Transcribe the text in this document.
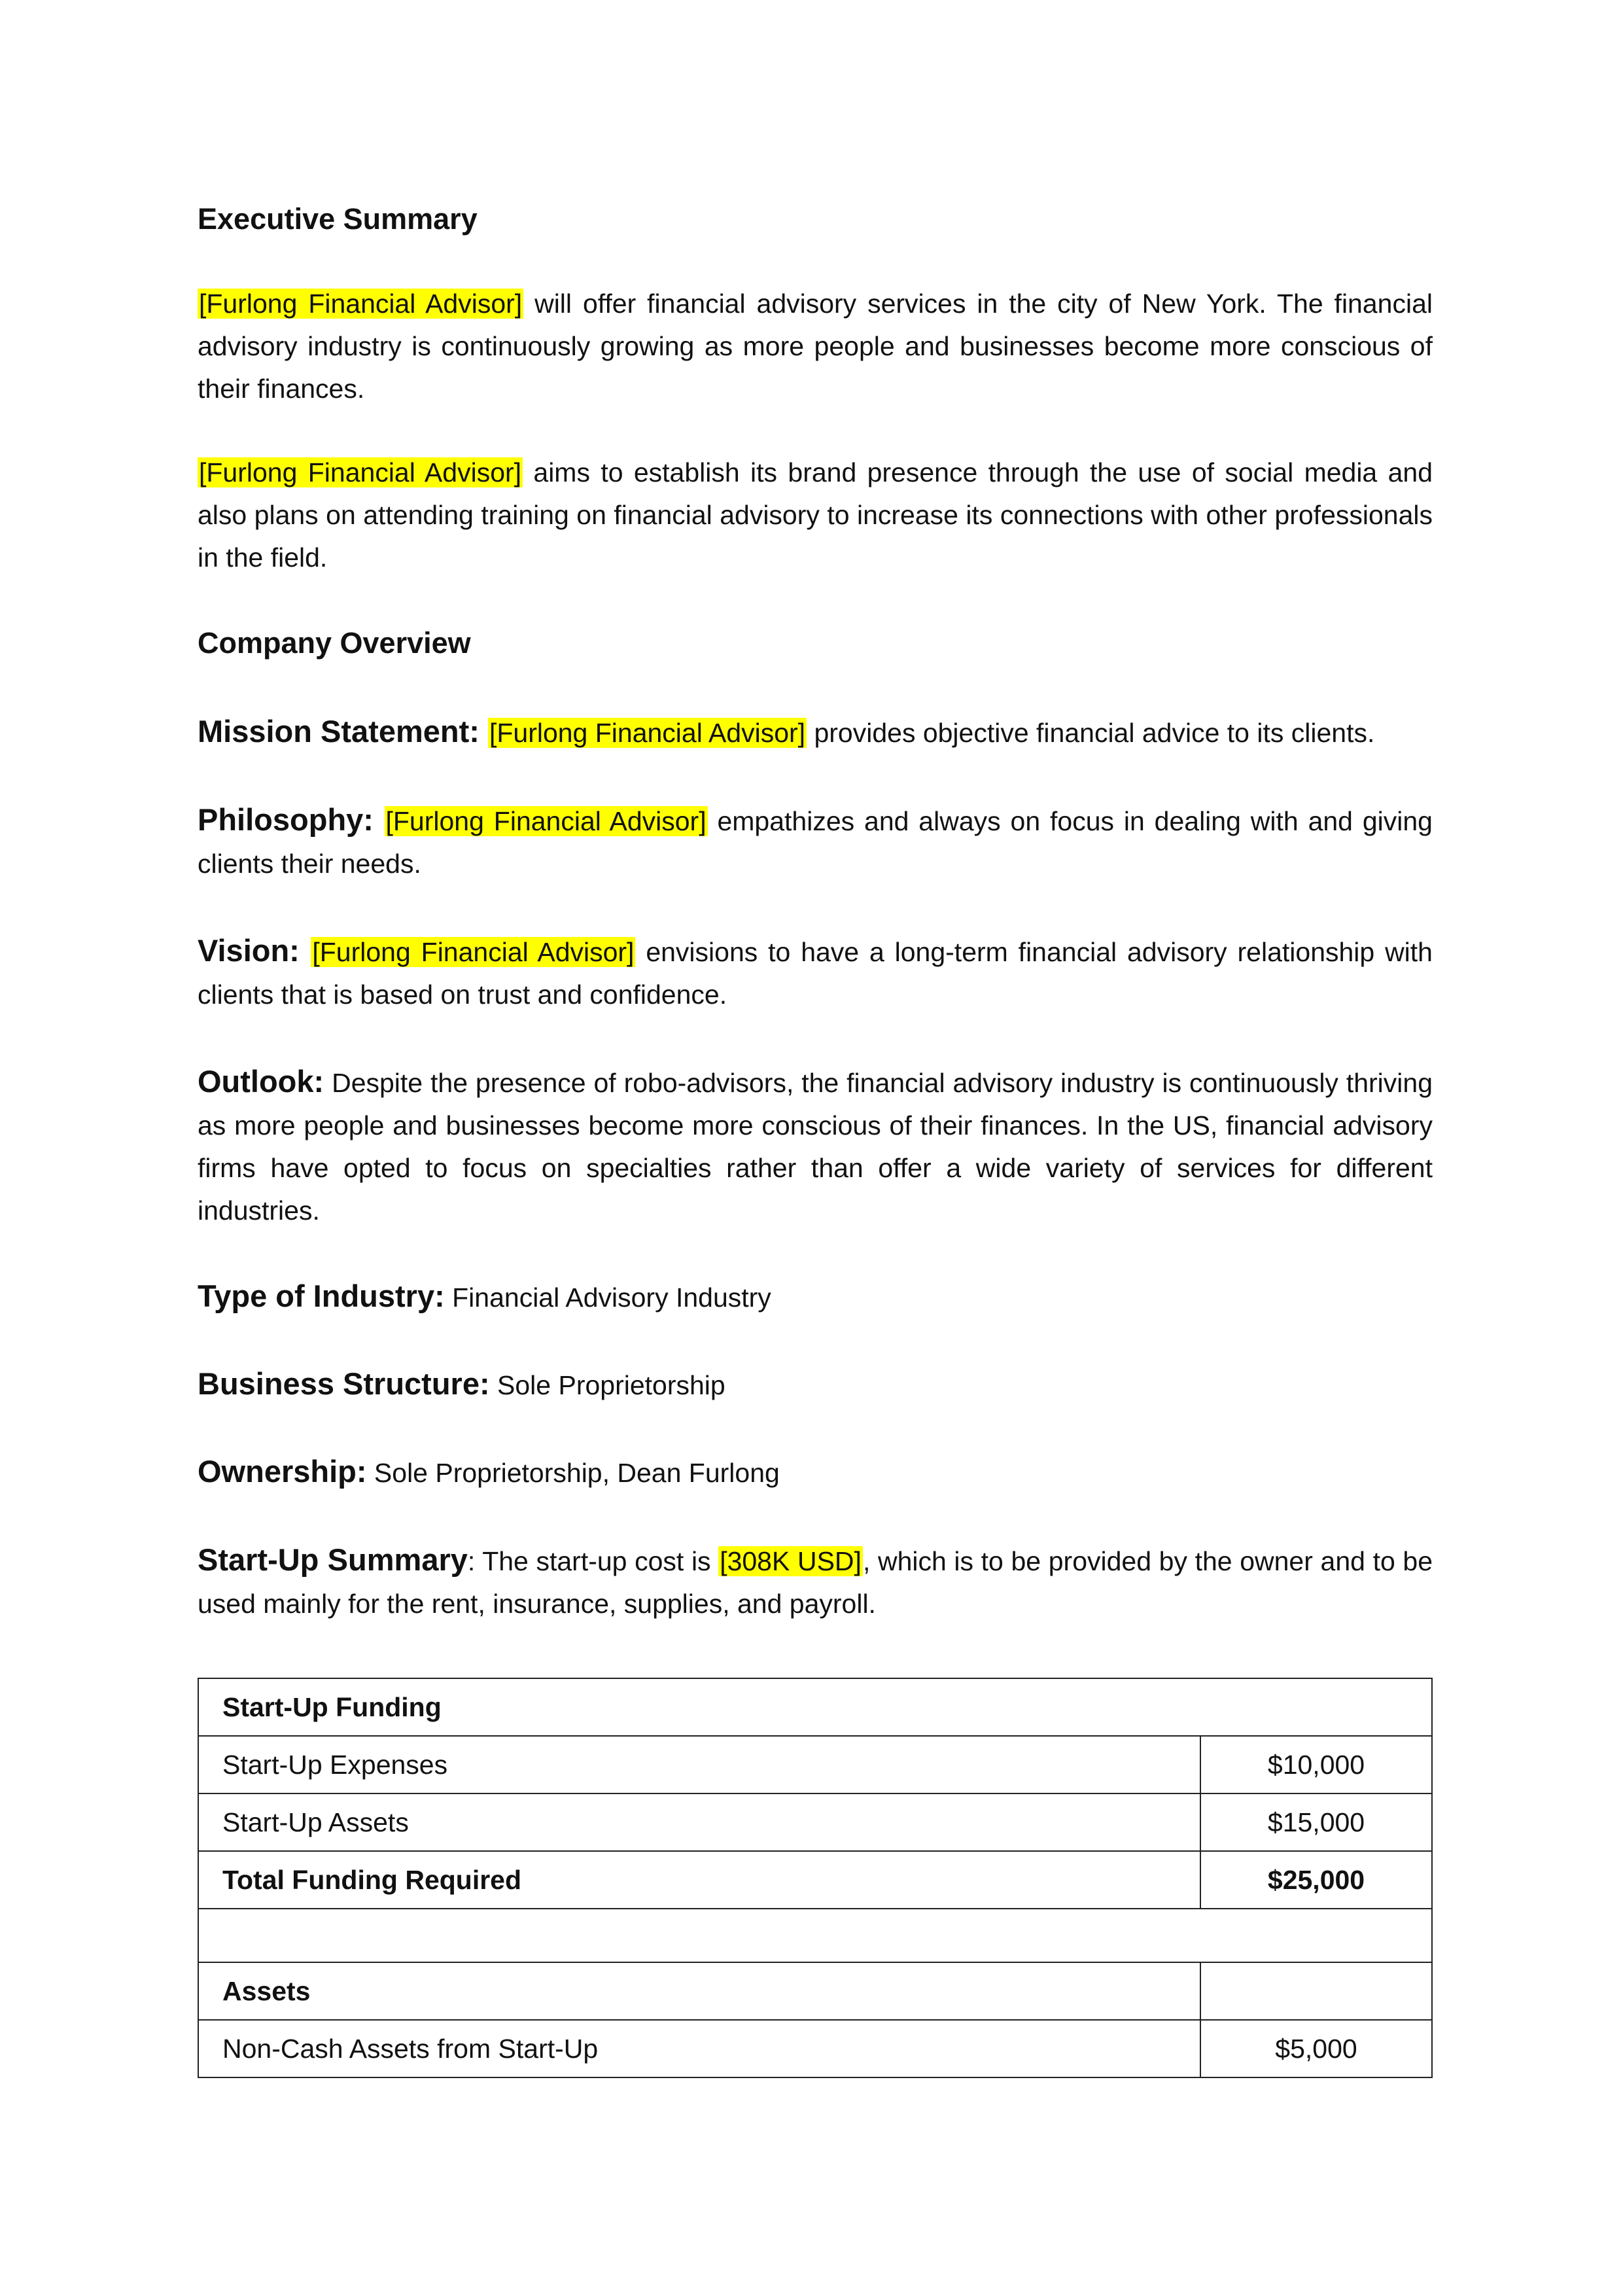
Executive Summary

[Furlong Financial Advisor] will offer financial advisory services in the city of New York. The financial advisory industry is continuously growing as more people and businesses become more conscious of their finances.

[Furlong Financial Advisor] aims to establish its brand presence through the use of social media and also plans on attending training on financial advisory to increase its connections with other professionals in the field.

Company Overview

Mission Statement: [Furlong Financial Advisor] provides objective financial advice to its clients.

Philosophy: [Furlong Financial Advisor] empathizes and always on focus in dealing with and giving clients their needs.

Vision: [Furlong Financial Advisor] envisions to have a long-term financial advisory relationship with clients that is based on trust and confidence.

Outlook: Despite the presence of robo-advisors, the financial advisory industry is continuously thriving as more people and businesses become more conscious of their finances. In the US, financial advisory firms have opted to focus on specialties rather than offer a wide variety of services for different industries.

Type of Industry: Financial Advisory Industry

Business Structure: Sole Proprietorship

Ownership: Sole Proprietorship, Dean Furlong

Start-Up Summary: The start-up cost is [308K USD], which is to be provided by the owner and to be used mainly for the rent, insurance, supplies, and payroll.

Start-Up Funding	
Start-Up Expenses	$10,000
Start-Up Assets	$15,000
Total Funding Required	$25,000

Assets	
Non-Cash Assets from Start-Up	$5,000
